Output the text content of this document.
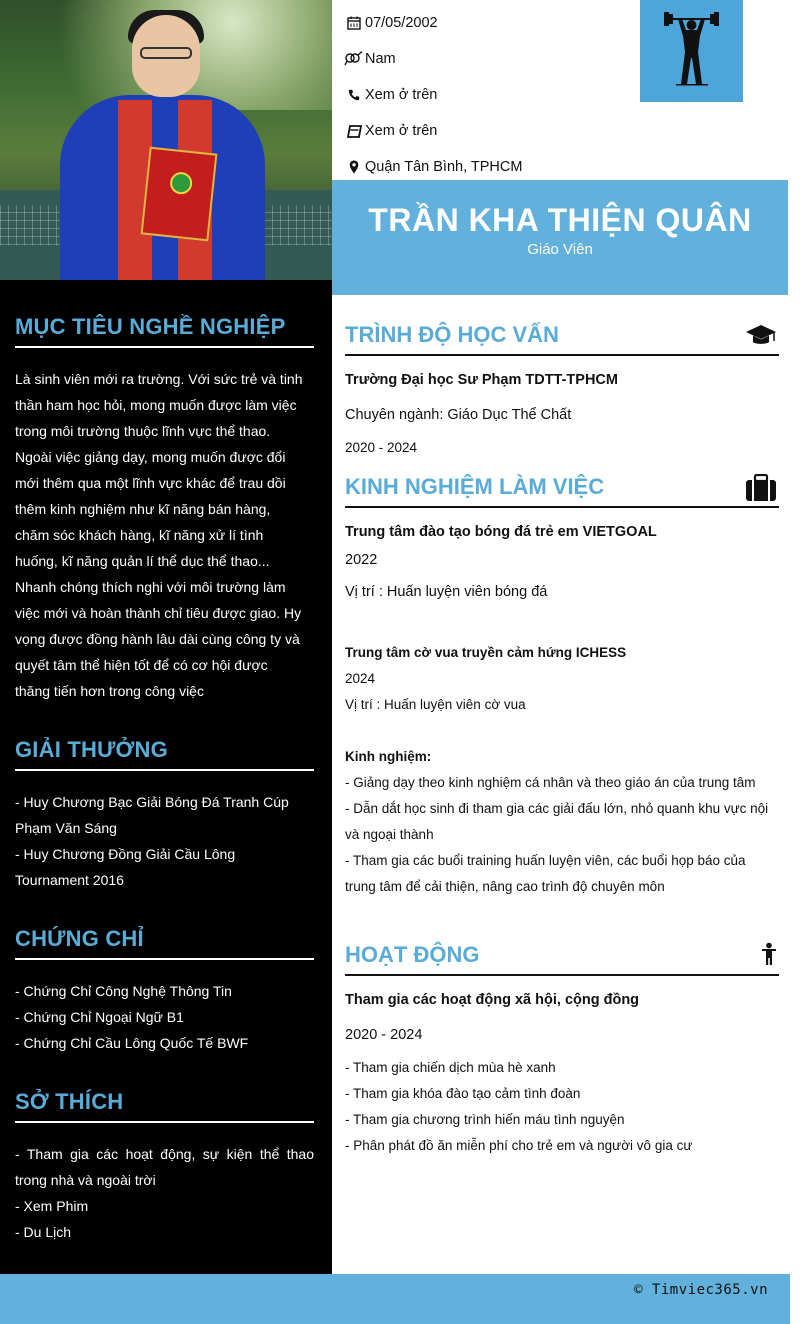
MỤC TIÊU NGHỀ NGHIỆP
Là sinh viên mới ra trường. Với sức trẻ và tinh
thần ham học hỏi, mong muốn được làm việc
trong môi trường thuộc lĩnh vực thể thao.
Ngoài việc giảng dạy, mong muốn được đổi
mới thêm qua một lĩnh vực khác để trau dồi
thêm kinh nghiệm như kĩ năng bán hàng,
chăm sóc khách hàng, kĩ năng xử lí tình
huống, kĩ năng quản lí thể dục thể thao...
Nhanh chóng thích nghi với môi trường làm
việc mới và hoàn thành chỉ tiêu được giao. Hy
vọng được đồng hành lâu dài cùng công ty và
quyết tâm thể hiện tốt để có cơ hội được
thăng tiến hơn trong công việc
GIẢI THƯỞNG
- Huy Chương Bạc Giải Bóng Đá Tranh Cúp
Phạm Văn Sáng
- Huy Chương Đồng Giải Cầu Lông
Tournament 2016
CHỨNG CHỈ
- Chứng Chỉ Công Nghệ Thông Tin
- Chứng Chỉ Ngoại Ngữ B1
- Chứng Chỉ Cầu Lông Quốc Tế BWF
SỞ THÍCH
- Tham gia các hoạt động, sự kiện thể thao
trong nhà và ngoài trời
- Xem Phim
- Du Lịch
07/05/2002
Nam
Xem ở trên
Xem ở trên
Quận Tân Bình, TPHCM
TRẦN KHA THIỆN QUÂN
Giáo Viên
TRÌNH ĐỘ HỌC VẤN
Trường Đại học Sư Phạm TDTT-TPHCM
Chuyên ngành: Giáo Dục Thể Chất
2020 - 2024
KINH NGHIỆM LÀM VIỆC
Trung tâm đào tạo bóng đá trẻ em VIETGOAL
2022
Vị trí : Huấn luyện viên bóng đá
Trung tâm cờ vua truyền cảm hứng ICHESS
2024
Vị trí : Huấn luyện viên cờ vua
Kinh nghiệm:
- Giảng dạy theo kinh nghiệm cá nhân và theo giáo án của trung tâm
- Dẫn dắt học sinh đi tham gia các giải đấu lớn, nhỏ quanh khu vực nội
và ngoại thành
- Tham gia các buổi training huấn luyện viên, các buổi họp báo của
trung tâm để cải thiện, nâng cao trình độ chuyên môn
HOẠT ĐỘNG
Tham gia các hoạt động xã hội, cộng đồng
2020 - 2024
- Tham gia chiến dịch mùa hè xanh
- Tham gia khóa đào tạo cảm tình đoàn
- Tham gia chương trình hiến máu tình nguyện
- Phân phát đồ ăn miễn phí cho trẻ em và người vô gia cư
© Timviec365.vn
